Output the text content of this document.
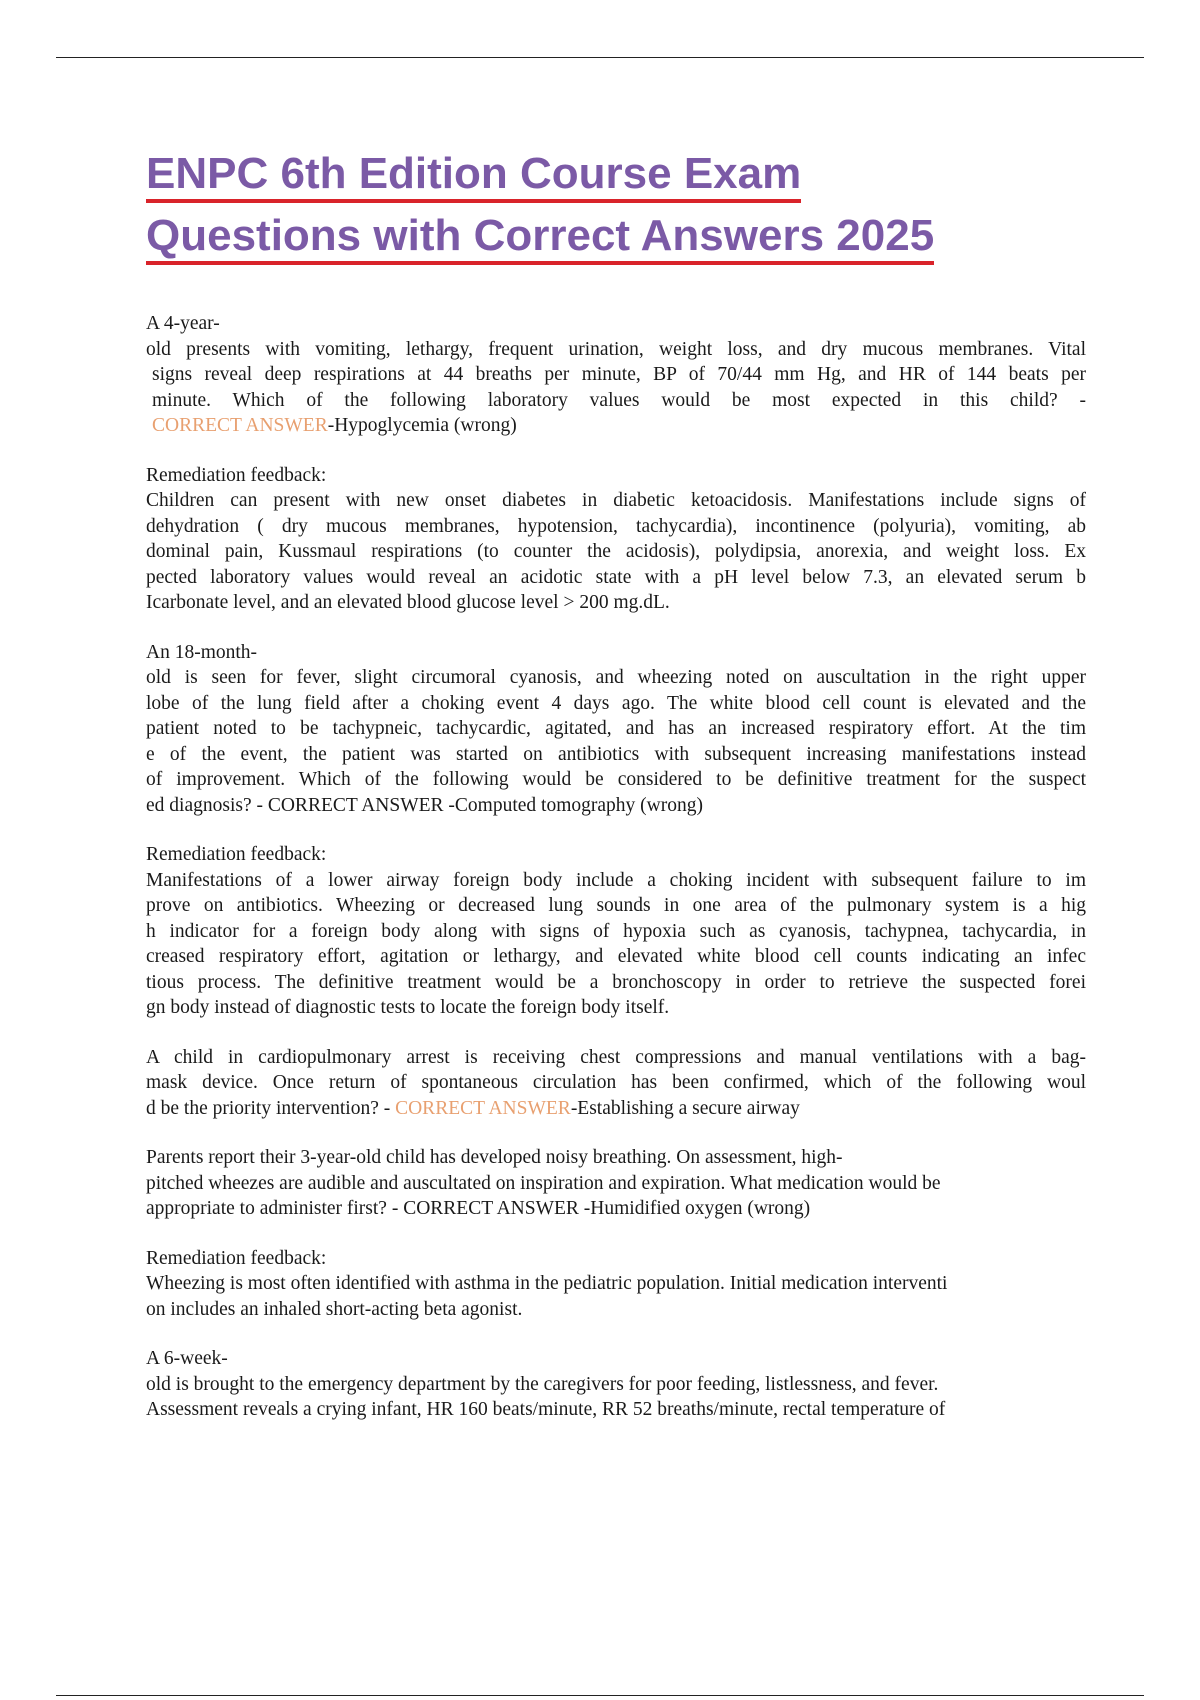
ENPC 6th Edition Course Exam
Questions with Correct Answers 2025
A 4-year-
old presents with vomiting, lethargy, frequent urination, weight loss, and dry mucous membranes. Vital
signs reveal deep respirations at 44 breaths per minute, BP of 70/44 mm Hg, and HR of 144 beats per
minute. Which of the following laboratory values would be most expected in this child? -
CORRECT ANSWER-Hypoglycemia (wrong)
Remediation feedback:
Children can present with new onset diabetes in diabetic ketoacidosis. Manifestations include signs of
dehydration ( dry mucous membranes, hypotension, tachycardia), incontinence (polyuria), vomiting, ab
dominal pain, Kussmaul respirations (to counter the acidosis), polydipsia, anorexia, and weight loss. Ex
pected laboratory values would reveal an acidotic state with a pH level below 7.3, an elevated serum b
Icarbonate level, and an elevated blood glucose level > 200 mg.dL.
An 18-month-
old is seen for fever, slight circumoral cyanosis, and wheezing noted on auscultation in the right upper
lobe of the lung field after a choking event 4 days ago. The white blood cell count is elevated and the
patient noted to be tachypneic, tachycardic, agitated, and has an increased respiratory effort. At the tim
e of the event, the patient was started on antibiotics with subsequent increasing manifestations instead
of improvement. Which of the following would be considered to be definitive treatment for the suspect
ed diagnosis? - CORRECT ANSWER -Computed tomography (wrong)
Remediation feedback:
Manifestations of a lower airway foreign body include a choking incident with subsequent failure to im
prove on antibiotics. Wheezing or decreased lung sounds in one area of the pulmonary system is a hig
h indicator for a foreign body along with signs of hypoxia such as cyanosis, tachypnea, tachycardia, in
creased respiratory effort, agitation or lethargy, and elevated white blood cell counts indicating an infec
tious process. The definitive treatment would be a bronchoscopy in order to retrieve the suspected forei
gn body instead of diagnostic tests to locate the foreign body itself.
A child in cardiopulmonary arrest is receiving chest compressions and manual ventilations with a bag-
mask device. Once return of spontaneous circulation has been confirmed, which of the following woul
d be the priority intervention? - CORRECT ANSWER-Establishing a secure airway
Parents report their 3-year-old child has developed noisy breathing. On assessment, high-
pitched wheezes are audible and auscultated on inspiration and expiration. What medication would be
appropriate to administer first? - CORRECT ANSWER -Humidified oxygen (wrong)
Remediation feedback:
Wheezing is most often identified with asthma in the pediatric population. Initial medication interventi
on includes an inhaled short-acting beta agonist.
A 6-week-
old is brought to the emergency department by the caregivers for poor feeding, listlessness, and fever.
Assessment reveals a crying infant, HR 160 beats/minute, RR 52 breaths/minute, rectal temperature of
